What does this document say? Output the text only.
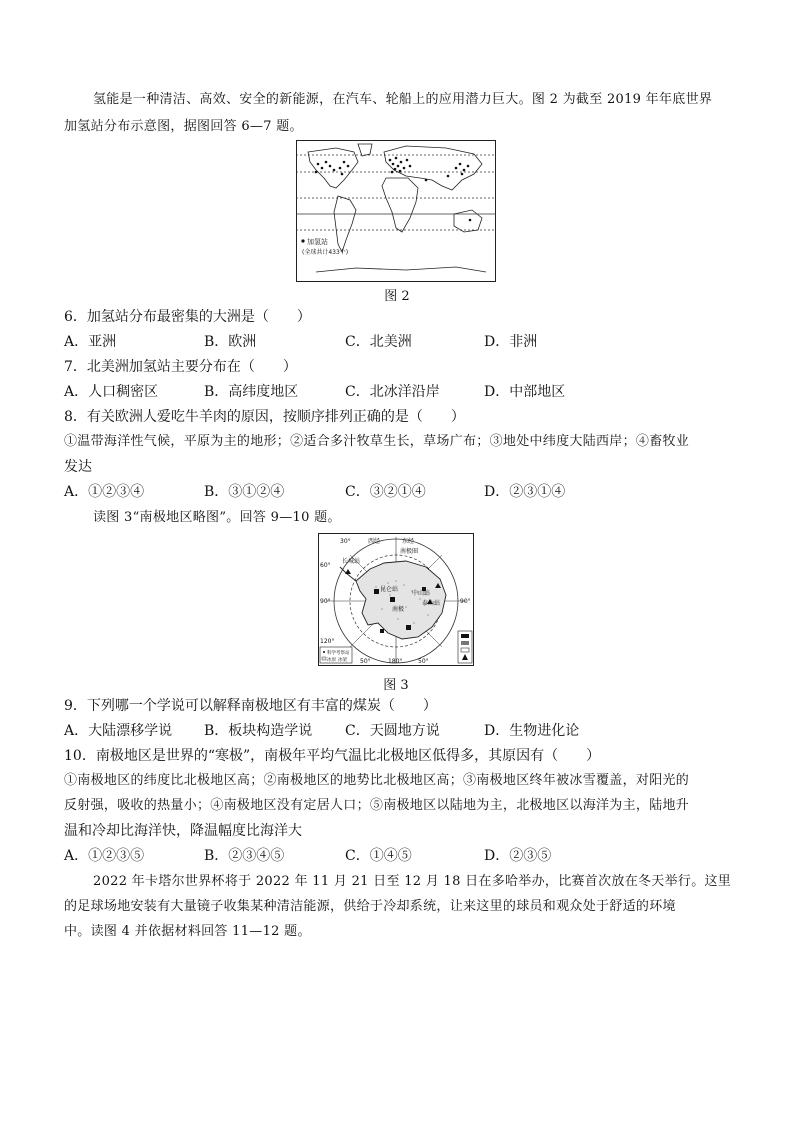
氢能是一种清洁、高效、安全的新能源，在汽车、轮船上的应用潜力巨大。图 2 为截至 2019 年年底世界
加氢站分布示意图，据图回答 6—7 题。
加氢站
(全球共计433个)
图 2
6．加氢站分布最密集的大洲是（　　）
A．亚洲	B．欧洲	C．北美洲	D．非洲
7．北美洲加氢站主要分布在（　　）
A．人口稠密区	B．高纬度地区	C．北冰洋沿岸	D．中部地区
8．有关欧洲人爱吃牛羊肉的原因，按顺序排列正确的是（　　）
①温带海洋性气候，平原为主的地形；②适合多汁牧草生长，草场广布；③地处中纬度大陆西岸；④畜牧业
发达
A．①②③④	B．③①②④	C．③②①④	D．②③①④
读图 3“南极地区略图”。回答 9—10 题。
30°
60°
90°
120°
90°
西经	东经
南极圈
长城站
昆仑站
中山站
泰山站
南极
50°	180°	50°
科学考察站
冰原 冰架
图 3
9．下列哪一个学说可以解释南极地区有丰富的煤炭（　　）
A．大陆漂移学说 B．板块构造学说 C．天圆地方说	D．生物进化论
10．南极地区是世界的“寒极”，南极年平均气温比北极地区低得多，其原因有（　　）
①南极地区的纬度比北极地区高；②南极地区的地势比北极地区高；③南极地区终年被冰雪覆盖，对阳光的
反射强，吸收的热量小；④南极地区没有定居人口；⑤南极地区以陆地为主，北极地区以海洋为主，陆地升
温和冷却比海洋快，降温幅度比海洋大
A．①②③⑤	B．②③④⑤	C．①④⑤	D．②③⑤
2022 年卡塔尔世界杯将于 2022 年 11 月 21 日至 12 月 18 日在多哈举办，比赛首次放在冬天举行。这里
的足球场地安装有大量镜子收集某种清洁能源，供给于冷却系统，让来这里的球员和观众处于舒适的环境
中。读图 4 并依据材料回答 11—12 题。
